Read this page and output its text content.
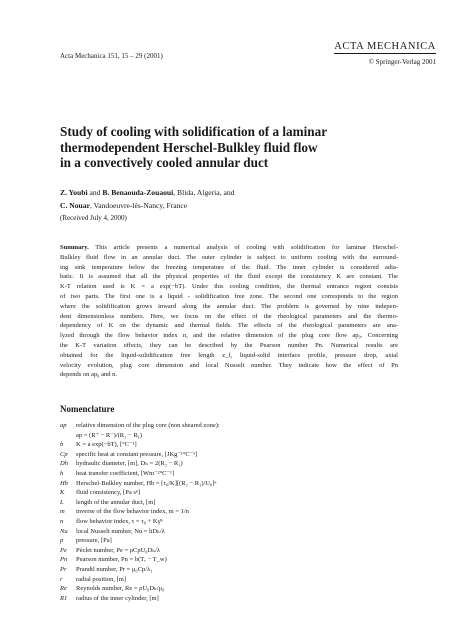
Acta Mechanica 151, 15 – 29 (2001)
ACTA MECHANICA
© Springer-Verlag 2001
Study of cooling with solidification of a laminar
thermodependent Herschel-Bulkley fluid flow
in a convectively cooled annular duct
Z. Youbi and B. Benaouda-Zouaoui, Blida, Algeria, and
C. Nouar, Vandoeuvre-lès-Nancy, France
(Received July 4, 2000)
Summary. This article presents a numerical analysis of cooling with solidification for laminar Herschel-
Bulkley fluid flow in an annular duct. The outer cylinder is subject to uniform cooling with the surround-
ing sink temperature below the freezing temperature of the fluid. The inner cylinder is considered adia-
batic. It is assumed that all the physical properties of the fluid except the consistency K are constant. The
K-T relation used is K = a exp(−bT). Under this cooling condition, the thermal entrance region consists
of two parts. The first one is a liquid - solidification free zone. The second one corresponds to the region
where the solidification grows inward along the annular duct. The problem is governed by nine indepen-
dent dimensionless numbers. Here, we focus on the effect of the rheological parameters and the thermo-
dependency of K on the dynamic and thermal fields. The effects of the rheological parameters are ana-
lyzed through the flow behavior index n, and the relative dimension of the plug core flow ap₀. Concerning
the K-T variation effects, they can be described by the Pearson number Pn. Numerical results are
obtained for the liquid-solidification free length z_f, liquid-solid interface profile, pressure drop, axial
velocity evolution, plug core dimension and local Nusselt number. They indicate how the effect of Pn
depends on ap₀ and n.
Nomenclature
ap	relative dimension of the plug core (non sheared zone):
ap = (R⁺ − R⁻)/(R₂ − R₁)
b	K = a exp(−bT), [°C⁻¹]
Cp	specific heat at constant pressure, [JKg⁻¹°C⁻¹]
Dh	hydraulic diameter, [m], Dₕ = 2(R₂ − R₁)
h	heat transfer coefficient, [Wm⁻²°C⁻¹]
Hb	Herschel-Bulkley number, Hb = [τ₀/K][(R₂ − R₁)/U₀]ⁿ
K	fluid consistency, [Pa sⁿ]
L	length of the annular duct, [m]
m	inverse of the flow behavior index, m = 1/n
n	flow behavior index, τ = τ₀ + Kγ̇ⁿ
Nu	local Nusselt number, Nu = hDₕ/λ
p	pressure, [Pa]
Pe	Péclet number, Pe = ρCpU₀Dₕ/λ
Pn	Pearson number, Pn = b(Tₑ − T_w)
Pr	Prandtl number, Pr = μ₀Cp/λ₁
r	radial position, [m]
Re	Reynolds number, Re = ρU₀Dₕ/μ₀
R1	radius of the inner cylinder, [m]
